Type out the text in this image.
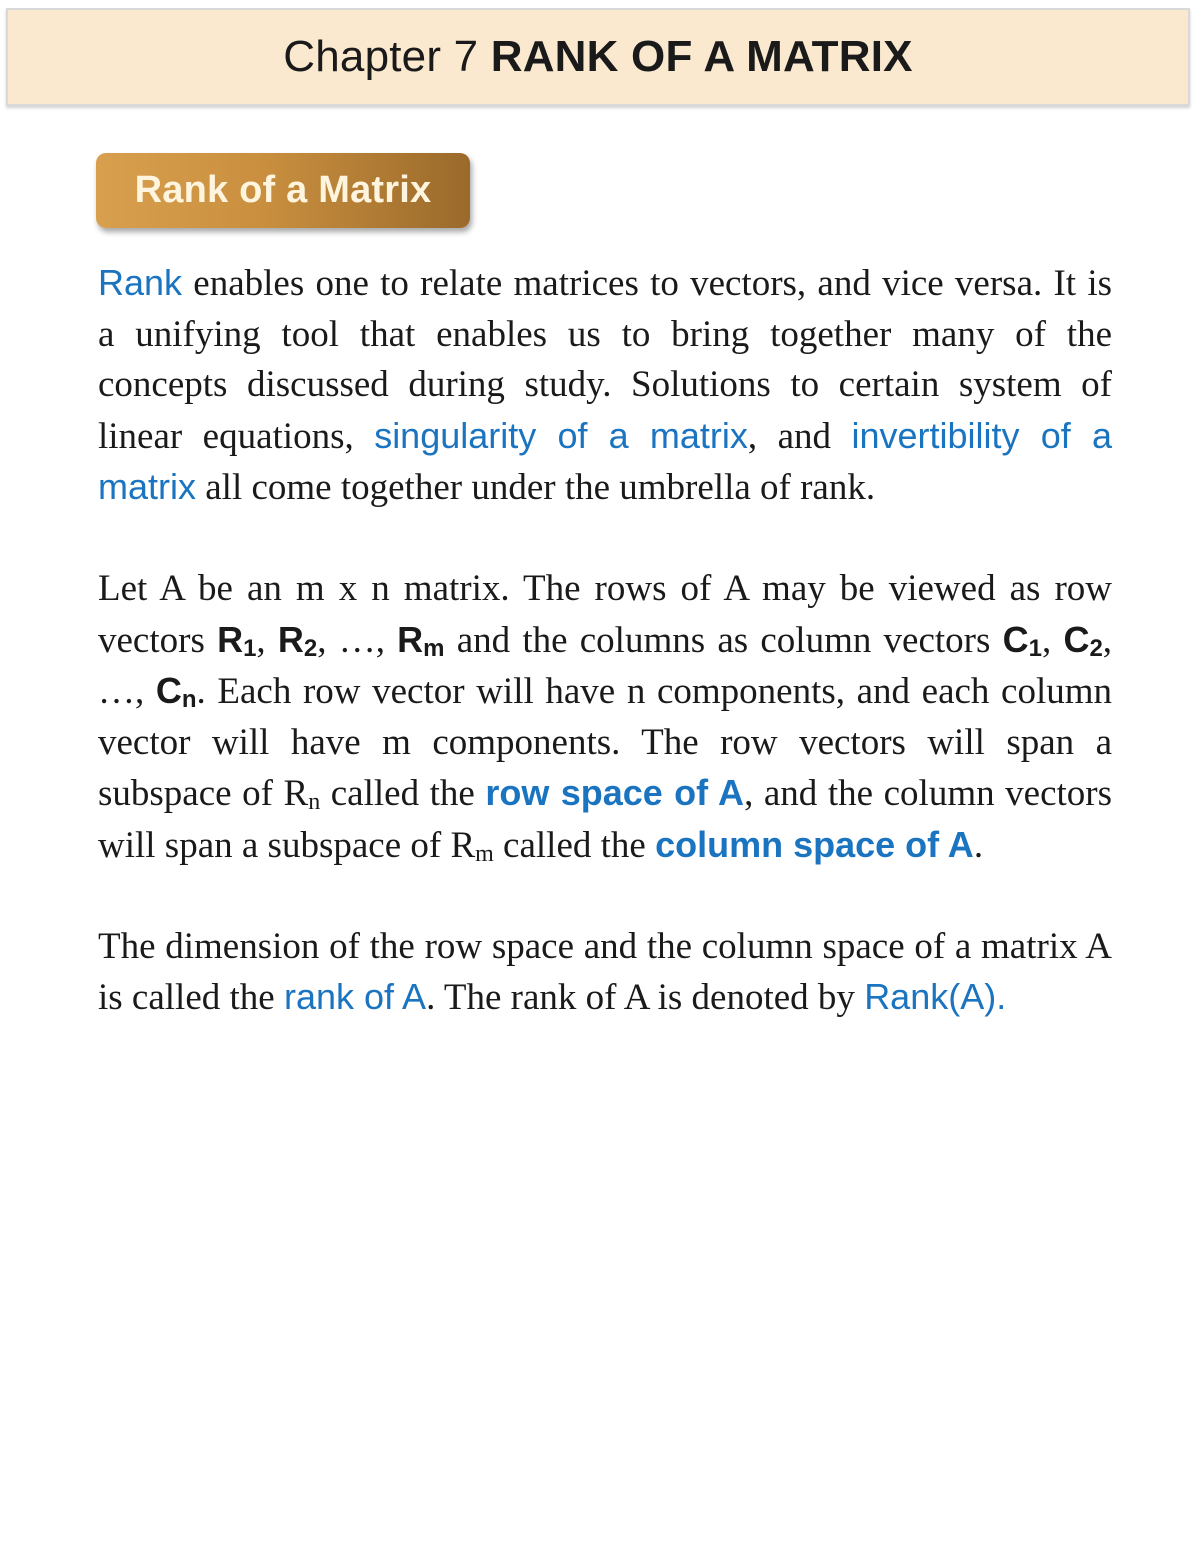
Chapter 7 RANK OF A MATRIX
Rank of a Matrix

Rank enables one to relate matrices to vectors, and vice versa. It is a unifying tool that enables us to bring together many of the concepts discussed during study. Solutions to certain system of linear equations, singularity of a matrix, and invertibility of a matrix all come together under the umbrella of rank.

Let A be an m x n matrix. The rows of A may be viewed as row vectors R1, R2, …, Rm and the columns as column vectors C1, C2, …, Cn. Each row vector will have n components, and each column vector will have m components. The row vectors will span a subspace of Rn called the row space of A, and the column vectors will span a subspace of Rm called the column space of A.

The dimension of the row space and the column space of a matrix A is called the rank of A. The rank of A is denoted by Rank(A).
